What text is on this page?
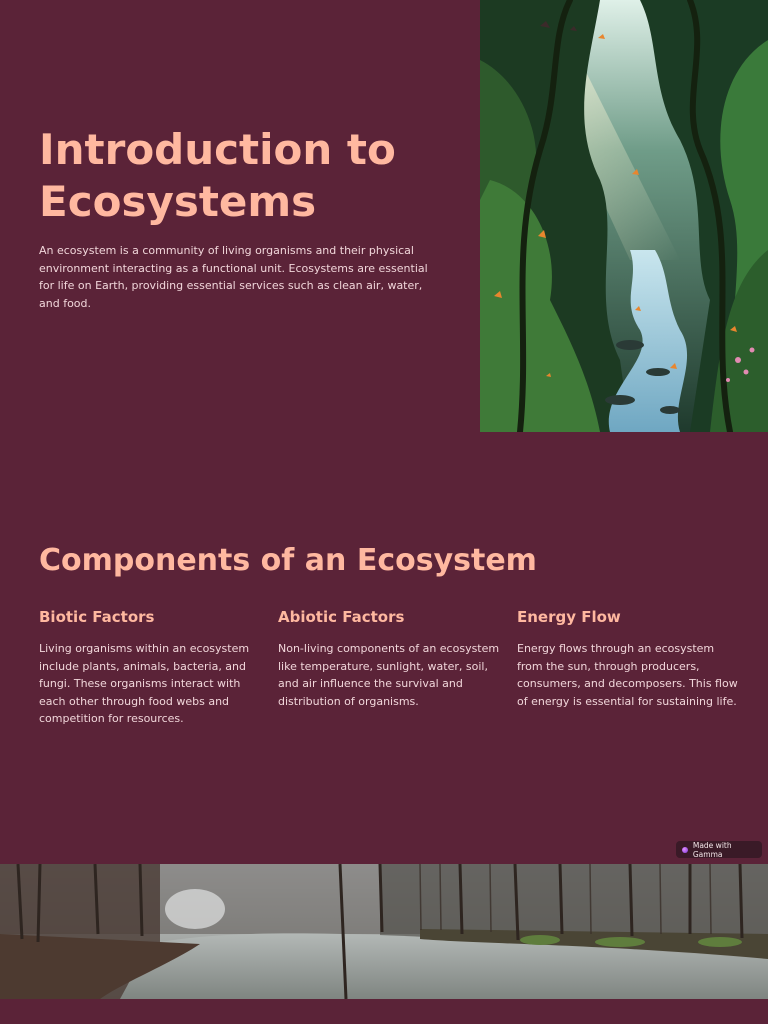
Introduction to Ecosystems

An ecosystem is a community of living organisms and their physical environment interacting as a functional unit. Ecosystems are essential for life on Earth, providing essential services such as clean air, water, and food.

Components of an Ecosystem
Biotic Factors

Living organisms within an ecosystem include plants, animals, bacteria, and fungi. These organisms interact with each other through food webs and competition for resources.

Abiotic Factors

Non-living components of an ecosystem like temperature, sunlight, water, soil, and air influence the survival and distribution of organisms.

Energy Flow

Energy flows through an ecosystem from the sun, through producers, consumers, and decomposers. This flow of energy is essential for sustaining life.

Made with Gamma
